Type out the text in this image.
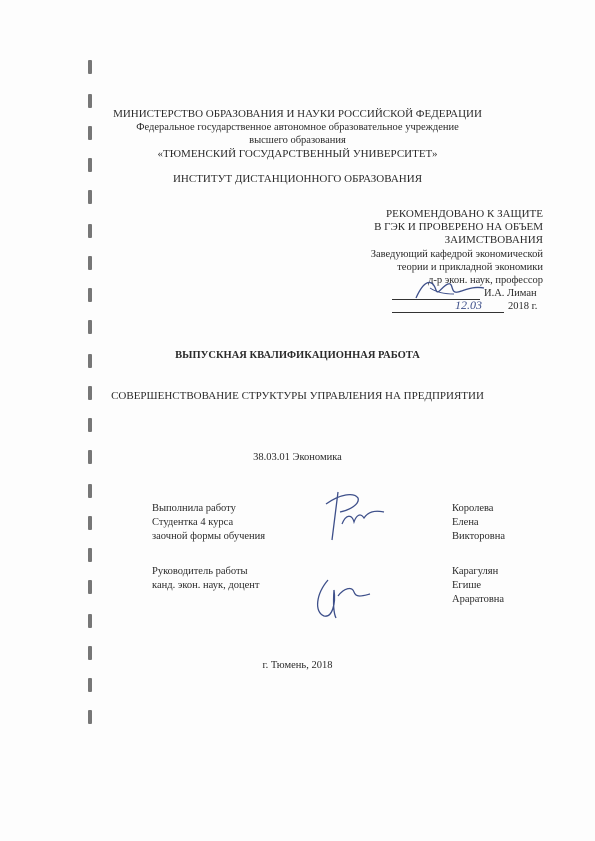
МИНИСТЕРСТВО ОБРАЗОВАНИЯ И НАУКИ РОССИЙСКОЙ ФЕДЕРАЦИИ
Федеральное государственное автономное образовательное учреждение
высшего образования
«ТЮМЕНСКИЙ ГОСУДАРСТВЕННЫЙ УНИВЕРСИТЕТ»
ИНСТИТУТ ДИСТАНЦИОННОГО ОБРАЗОВАНИЯ
РЕКОМЕНДОВАНО К ЗАЩИТЕ
В ГЭК И ПРОВЕРЕНО НА ОБЪЕМ
ЗАИМСТВОВАНИЯ
Заведующий кафедрой экономической
теории и прикладной экономики
д-р экон. наук, профессор
И.А. Лиман
12.03 2018 г.
ВЫПУСКНАЯ КВАЛИФИКАЦИОННАЯ РАБОТА
СОВЕРШЕНСТВОВАНИЕ СТРУКТУРЫ УПРАВЛЕНИЯ НА ПРЕДПРИЯТИИ
38.03.01 Экономика
Выполнила работу
Студентка 4 курса
заочной формы обучения
Королева
Елена
Викторовна
Руководитель работы
канд. экон. наук, доцент
Карагулян
Егише
Араратовна
г. Тюмень, 2018
